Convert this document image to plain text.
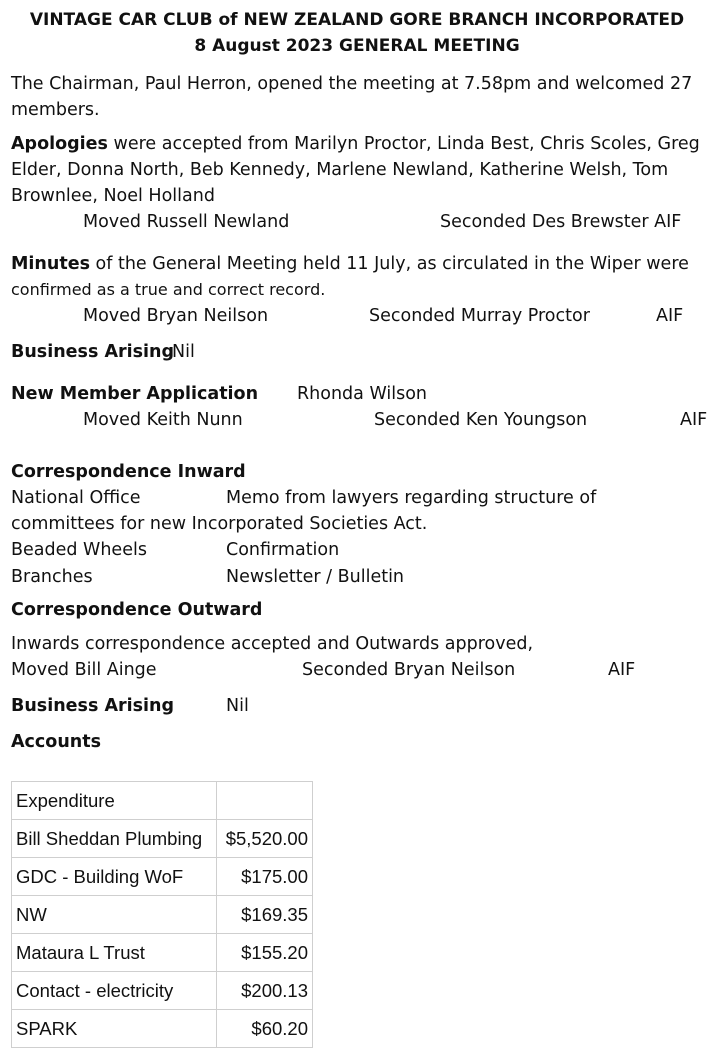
VINTAGE CAR CLUB of NEW ZEALAND GORE BRANCH INCORPORATED
8 August 2023 GENERAL MEETING
The Chairman, Paul Herron, opened the meeting at 7.58pm and welcomed 27
members.
Apologies were accepted from Marilyn Proctor, Linda Best, Chris Scoles, Greg
Elder, Donna North, Beb Kennedy, Marlene Newland, Katherine Welsh, Tom
Brownlee, Noel Holland
Moved Russell Newland	Seconded Des Brewster AIF
Minutes of the General Meeting held 11 July, as circulated in the Wiper were
confirmed as a true and correct record.
Moved Bryan Neilson	Seconded Murray Proctor	AIF
Business Arising
Nil
New Member Application Rhonda Wilson
Moved Keith Nunn	Seconded Ken Youngson	AIF
Correspondence Inward
National Office	Memo from lawyers regarding structure of
committees for new Incorporated Societies Act.
Beaded Wheels	Confirmation
Branches	Newsletter / Bulletin
Correspondence Outward
Inwards correspondence accepted and Outwards approved,
Moved Bill Ainge	Seconded Bryan Neilson	AIF
Business Arising	Nil
Accounts
Expenditure	
Bill Sheddan Plumbing	$5,520.00
GDC - Building WoF	$175.00
NW	$169.35
Mataura L Trust	$155.20
Contact - electricity	$200.13
SPARK	$60.20
